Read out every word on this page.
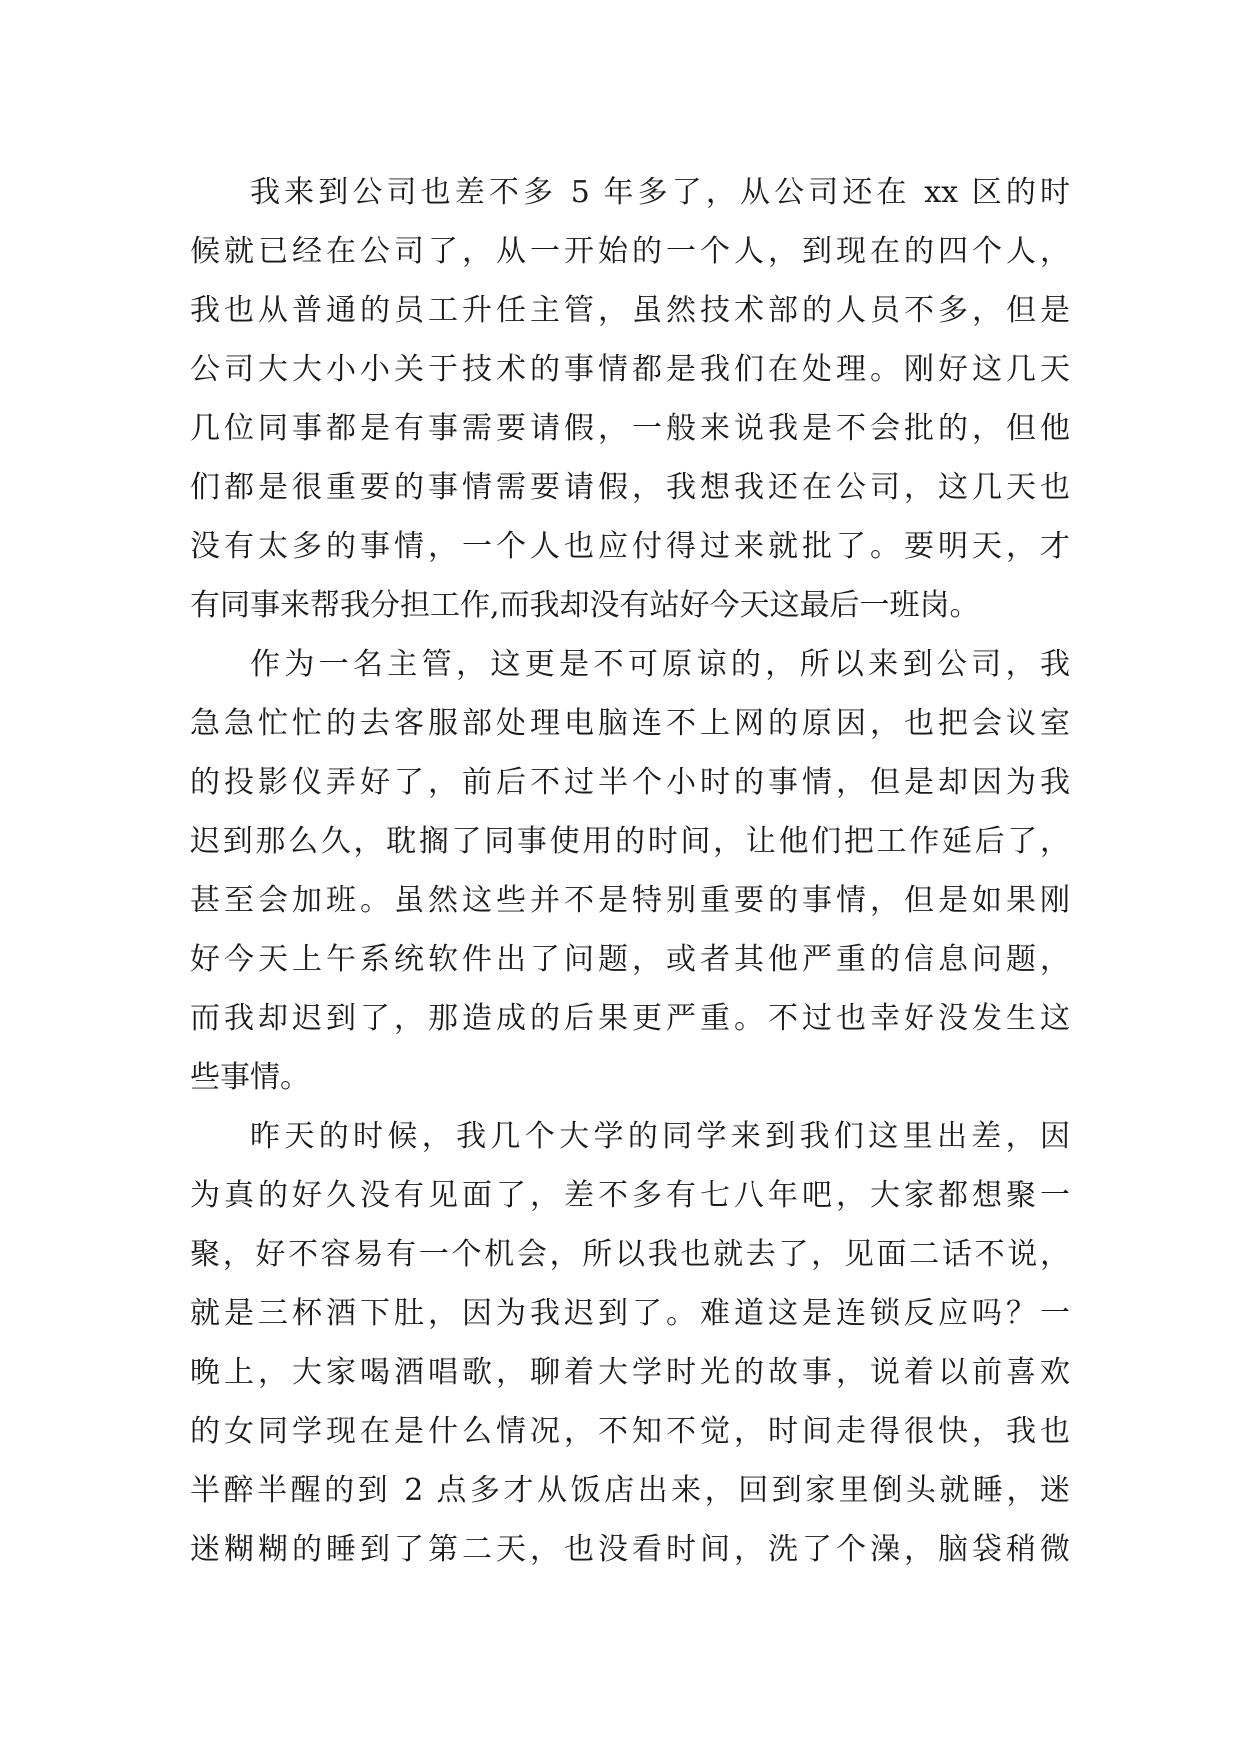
我来到公司也差不多 5 年多了，从公司还在 xx 区的时
候就已经在公司了，从一开始的一个人，到现在的四个人，
我也从普通的员工升任主管，虽然技术部的人员不多，但是
公司大大小小关于技术的事情都是我们在处理。刚好这几天
几位同事都是有事需要请假，一般来说我是不会批的，但他
们都是很重要的事情需要请假，我想我还在公司，这几天也
没有太多的事情，一个人也应付得过来就批了。要明天，才
有同事来帮我分担工作,而我却没有站好今天这最后一班岗。
作为一名主管，这更是不可原谅的，所以来到公司，我
急急忙忙的去客服部处理电脑连不上网的原因，也把会议室
的投影仪弄好了，前后不过半个小时的事情，但是却因为我
迟到那么久，耽搁了同事使用的时间，让他们把工作延后了，
甚至会加班。虽然这些并不是特别重要的事情，但是如果刚
好今天上午系统软件出了问题，或者其他严重的信息问题，
而我却迟到了，那造成的后果更严重。不过也幸好没发生这
些事情。
昨天的时候，我几个大学的同学来到我们这里出差，因
为真的好久没有见面了，差不多有七八年吧，大家都想聚一
聚，好不容易有一个机会，所以我也就去了，见面二话不说，
就是三杯酒下肚，因为我迟到了。难道这是连锁反应吗？一
晚上，大家喝酒唱歌，聊着大学时光的故事，说着以前喜欢
的女同学现在是什么情况，不知不觉，时间走得很快，我也
半醉半醒的到 2 点多才从饭店出来，回到家里倒头就睡，迷
迷糊糊的睡到了第二天，也没看时间，洗了个澡，脑袋稍微
